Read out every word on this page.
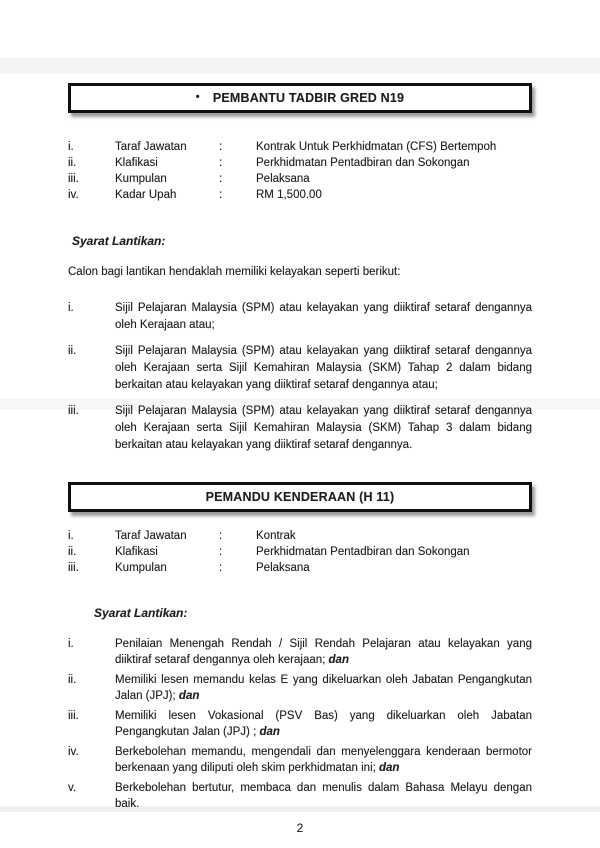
• PEMBANTU TADBIR GRED N19
i.	Taraf Jawatan	:	Kontrak Untuk Perkhidmatan (CFS) Bertempoh
ii.	Klafikasi	:	Perkhidmatan Pentadbiran dan Sokongan
iii.	Kumpulan	:	Pelaksana
iv.	Kadar Upah	:	RM 1,500.00
Syarat Lantikan:
Calon bagi lantikan hendaklah memiliki kelayakan seperti berikut:
i.	Sijil Pelajaran Malaysia (SPM) atau kelayakan yang diiktiraf setaraf dengannya oleh Kerajaan atau;
ii.	Sijil Pelajaran Malaysia (SPM) atau kelayakan yang diiktiraf setaraf dengannya oleh Kerajaan serta Sijil Kemahiran Malaysia (SKM) Tahap 2 dalam bidang berkaitan atau kelayakan yang diiktiraf setaraf dengannya atau;
iii.	Sijil Pelajaran Malaysia (SPM) atau kelayakan yang diiktiraf setaraf dengannya oleh Kerajaan serta Sijil Kemahiran Malaysia (SKM) Tahap 3 dalam bidang berkaitan atau kelayakan yang diiktiraf setaraf dengannya.
PEMANDU KENDERAAN (H 11)
i.	Taraf Jawatan	:	Kontrak
ii.	Klafikasi	:	Perkhidmatan Pentadbiran dan Sokongan
iii.	Kumpulan	:	Pelaksana
Syarat Lantikan:
i.	Penilaian Menengah Rendah / Sijil Rendah Pelajaran atau kelayakan yang diiktiraf setaraf dengannya oleh kerajaan; dan
ii.	Memiliki lesen memandu kelas E yang dikeluarkan oleh Jabatan Pengangkutan Jalan (JPJ); dan
iii.	Memiliki lesen Vokasional (PSV Bas) yang dikeluarkan oleh Jabatan Pengangkutan Jalan (JPJ) ; dan
iv.	Berkebolehan memandu, mengendali dan menyelenggara kenderaan bermotor berkenaan yang diliputi oleh skim perkhidmatan ini; dan
v.	Berkebolehan bertutur, membaca dan menulis dalam Bahasa Melayu dengan baik.
2
